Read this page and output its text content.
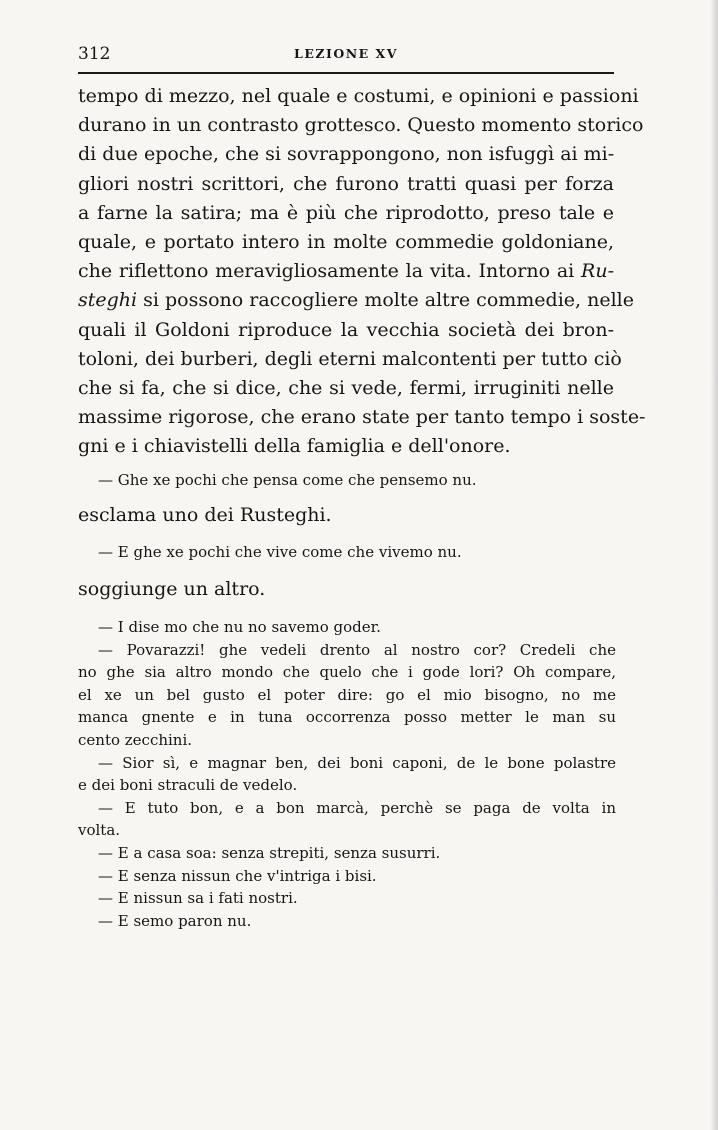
312	LEZIONE XV
tempo di mezzo, nel quale e costumi, e opinioni e passioni
durano in un contrasto grottesco. Questo momento storico
di due epoche, che si sovrappongono, non isfuggì ai mi-
gliori nostri scrittori, che furono tratti quasi per forza
a farne la satira; ma è più che riprodotto, preso tale e
quale, e portato intero in molte commedie goldoniane,
che riflettono meravigliosamente la vita. Intorno ai Ru-
steghi si possono raccogliere molte altre commedie, nelle
quali il Goldoni riproduce la vecchia società dei bron-
toloni, dei burberi, degli eterni malcontenti per tutto ciò
che si fa, che si dice, che si vede, fermi, irruginiti nelle
massime rigorose, che erano state per tanto tempo i soste-
gni e i chiavistelli della famiglia e dell'onore.
— Ghe xe pochi che pensa come che pensemo nu.
esclama uno dei Rusteghi.
— E ghe xe pochi che vive come che vivemo nu.
soggiunge un altro.
— I dise mo che nu no savemo goder.
— Povarazzi! ghe vedeli drento al nostro cor? Credeli che
no ghe sia altro mondo che quelo che i gode lori? Oh compare,
el xe un bel gusto el poter dire: go el mio bisogno, no me
manca gnente e in tuna occorrenza posso metter le man su
cento zecchini.
— Sior sì, e magnar ben, dei boni caponi, de le bone polastre
e dei boni straculi de vedelo.
— E tuto bon, e a bon marcà, perchè se paga de volta in
volta.
— E a casa soa: senza strepiti, senza susurri.
— E senza nissun che v'intriga i bisi.
— E nissun sa i fati nostri.
— E semo paron nu.
